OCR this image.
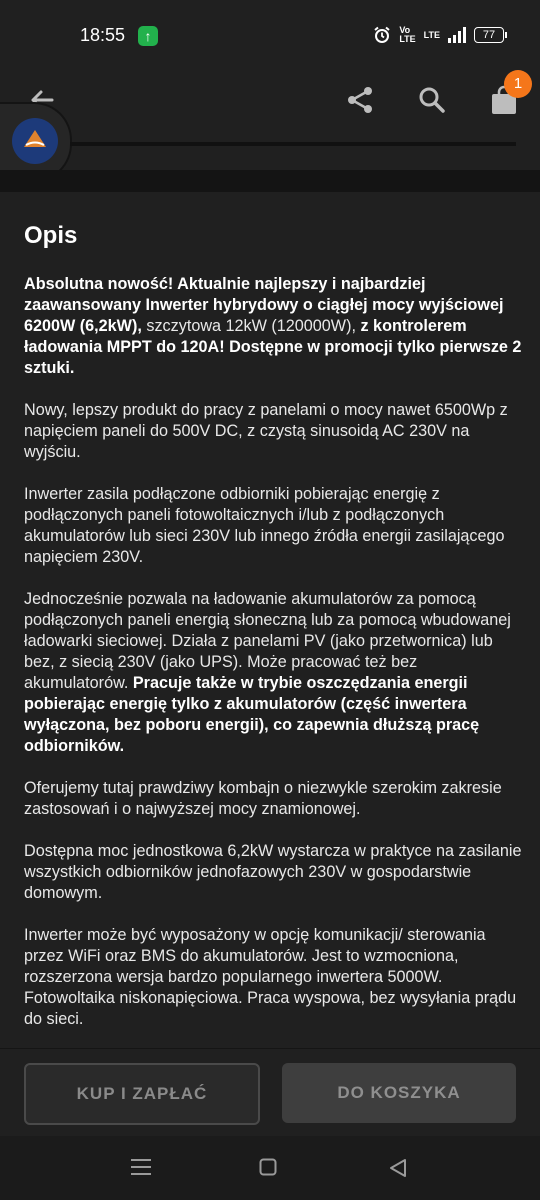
18:55	↑	Vo
LTE LTE	77
1
Opis

Absolutna nowość! Aktualnie najlepszy i najbardziej zaawansowany Inwerter hybrydowy o ciągłej mocy wyjściowej 6200W (6,2kW), szczytowa 12kW (120000W), z kontrolerem ładowania MPPT do 120A! Dostępne w promocji tylko pierwsze 2 sztuki.

Nowy, lepszy produkt do pracy z panelami o mocy nawet 6500Wp z napięciem paneli do 500V DC, z czystą sinusoidą AC 230V na wyjściu.

Inwerter zasila podłączone odbiorniki pobierając energię z podłączonych paneli fotowoltaicznych i/lub z podłączonych akumulatorów lub sieci 230V lub innego źródła energii zasilającego napięciem 230V.

Jednocześnie pozwala na ładowanie akumulatorów za pomocą podłączonych paneli energią słoneczną lub za pomocą wbudowanej ładowarki sieciowej. Działa z panelami PV (jako przetwornica) lub bez, z siecią 230V (jako UPS). Może pracować też bez akumulatorów. Pracuje także w trybie oszczędzania energii pobierając energię tylko z akumulatorów (część inwertera wyłączona, bez poboru energii), co zapewnia dłuższą pracę odbiorników.

Oferujemy tutaj prawdziwy kombajn o niezwykle szerokim zakresie zastosowań i o najwyższej mocy znamionowej.

Dostępna moc jednostkowa 6,2kW wystarcza w praktyce na zasilanie wszystkich odbiorników jednofazowych 230V w gospodarstwie domowym.

Inwerter może być wyposażony w opcję komunikacji/ sterowania przez WiFi oraz BMS do akumulatorów. Jest to wzmocniona, rozszerzona wersja bardzo popularnego inwertera 5000W. Fotowoltaika niskonapięciowa. Praca wyspowa, bez wysyłania prądu do sieci.

KUP I ZAPŁAĆ	DO KOSZYKA
